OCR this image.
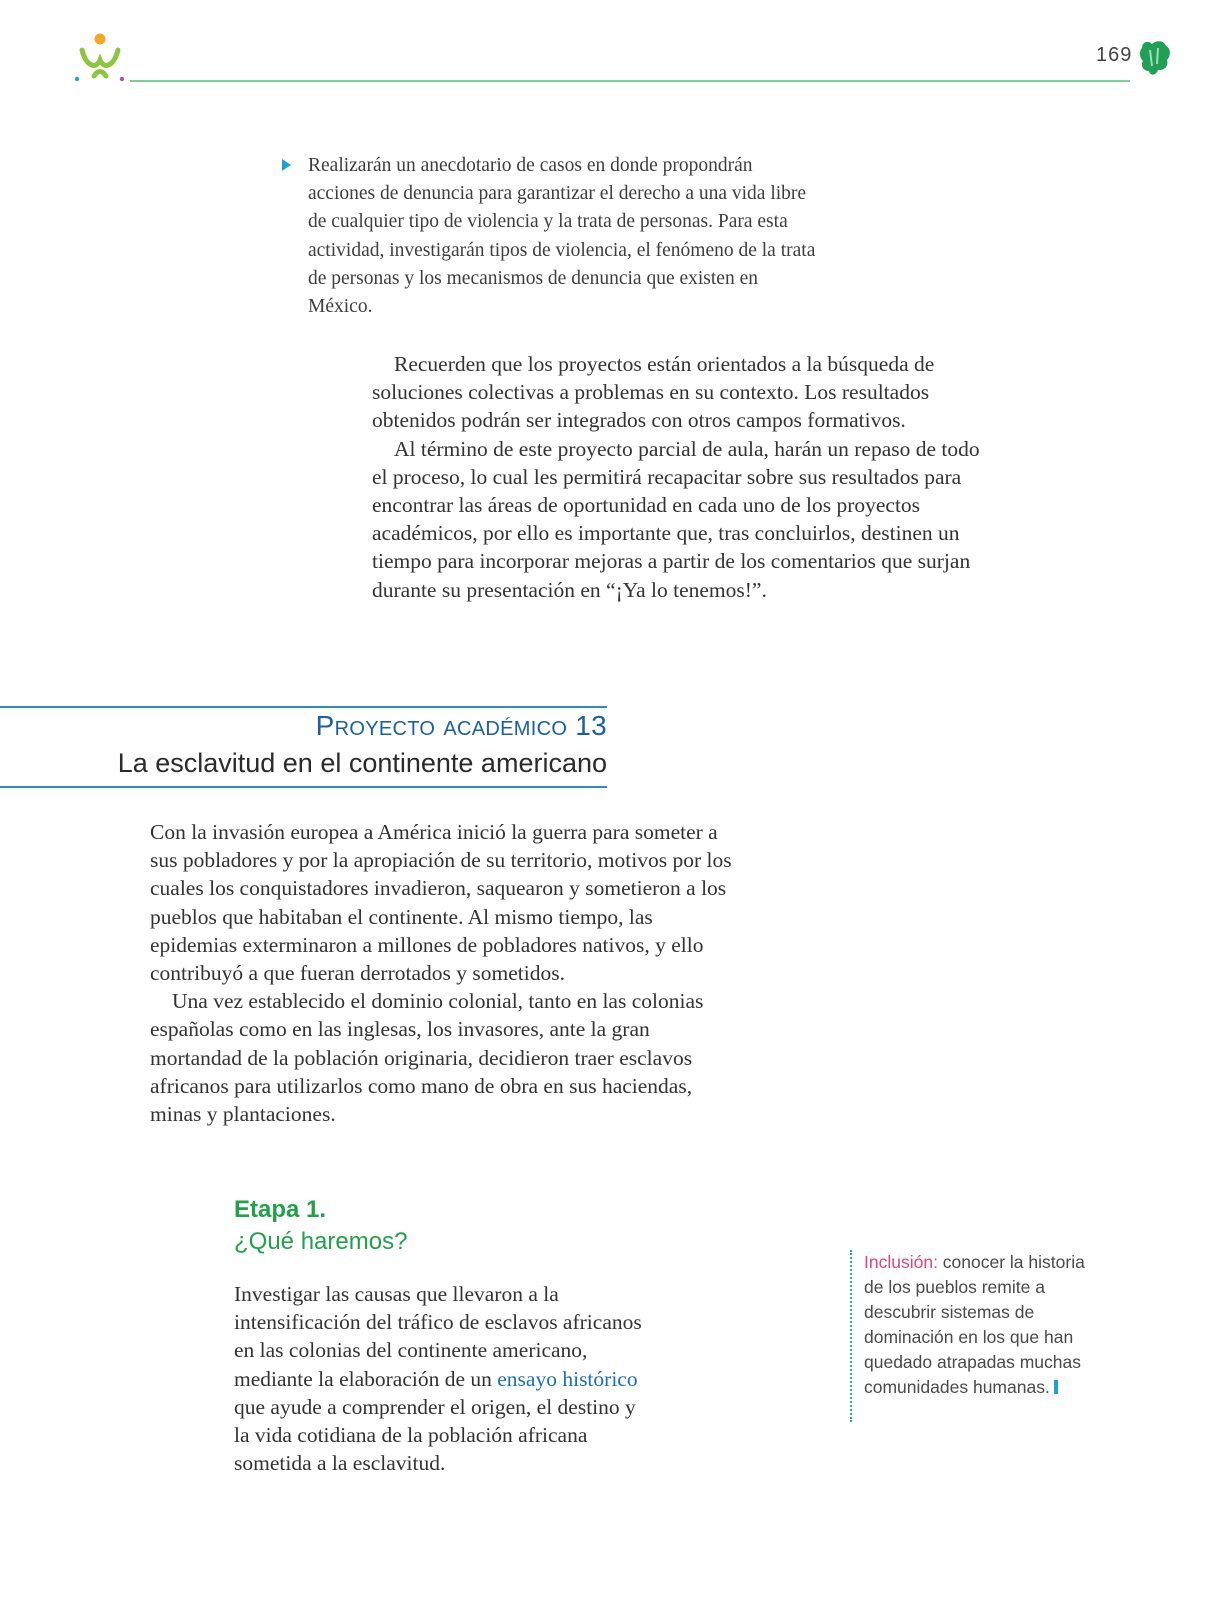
169
Realizarán un anecdotario de casos en donde propondrán acciones de denuncia para garantizar el derecho a una vida libre de cualquier tipo de violencia y la trata de personas. Para esta actividad, investigarán tipos de violencia, el fenómeno de la trata de personas y los mecanismos de denuncia que existen en México.

Recuerden que los proyectos están orientados a la búsqueda de soluciones colectivas a problemas en su contexto. Los resultados obtenidos podrán ser integrados con otros campos formativos.

Al término de este proyecto parcial de aula, harán un repaso de todo el proceso, lo cual les permitirá recapacitar sobre sus resultados para encontrar las áreas de oportunidad en cada uno de los proyectos académicos, por ello es importante que, tras concluirlos, destinen un tiempo para incorporar mejoras a partir de los comentarios que surjan durante su presentación en “¡Ya lo tenemos!”.

Proyecto académico 13
La esclavitud en el continente americano

Con la invasión europea a América inició la guerra para someter a sus pobladores y por la apropiación de su territorio, motivos por los cuales los conquistadores invadieron, saquearon y sometieron a los pueblos que habitaban el continente. Al mismo tiempo, las epidemias exterminaron a millones de pobladores nativos, y ello contribuyó a que fueran derrotados y sometidos.

Una vez establecido el dominio colonial, tanto en las colonias españolas como en las inglesas, los invasores, ante la gran mortandad de la población originaria, decidieron traer esclavos africanos para utilizarlos como mano de obra en sus haciendas, minas y plantaciones.

Etapa 1.
¿Qué haremos?

Investigar las causas que llevaron a la intensificación del tráfico de esclavos africanos en las colonias del continente americano, mediante la elaboración de un ensayo histórico que ayude a comprender el origen, el destino y la vida cotidiana de la población africana sometida a la esclavitud.

Inclusión: conocer la historia de los pueblos remite a descubrir sistemas de dominación en los que han quedado atrapadas muchas comunidades humanas.
